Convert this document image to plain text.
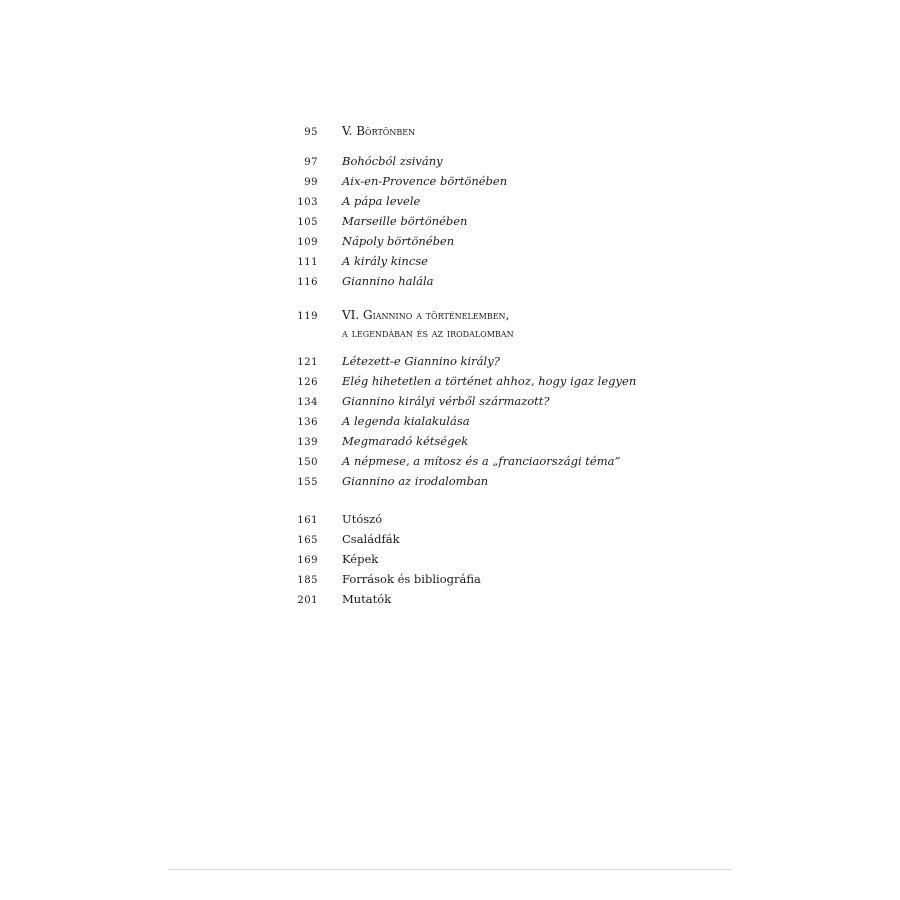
95 V. Börtönben
97 Bohócból zsivány
99 Aix-en-Provence börtönében
103 A pápa levele
105 Marseille börtönében
109 Nápoly börtönében
111 A király kincse
116 Giannino halála
119 VI. Giannino a történelemben,
a legendában és az irodalomban
121 Létezett-e Giannino király?
126 Elég hihetetlen a történet ahhoz, hogy igaz legyen
134 Giannino királyi vérből származott?
136 A legenda kialakulása
139 Megmaradó kétségek
150 A népmese, a mítosz és a „franciaországi téma”
155 Giannino az irodalomban
161 Utószó
165 Családfák
169 Képek
185 Források és bibliográfia
201 Mutatók
